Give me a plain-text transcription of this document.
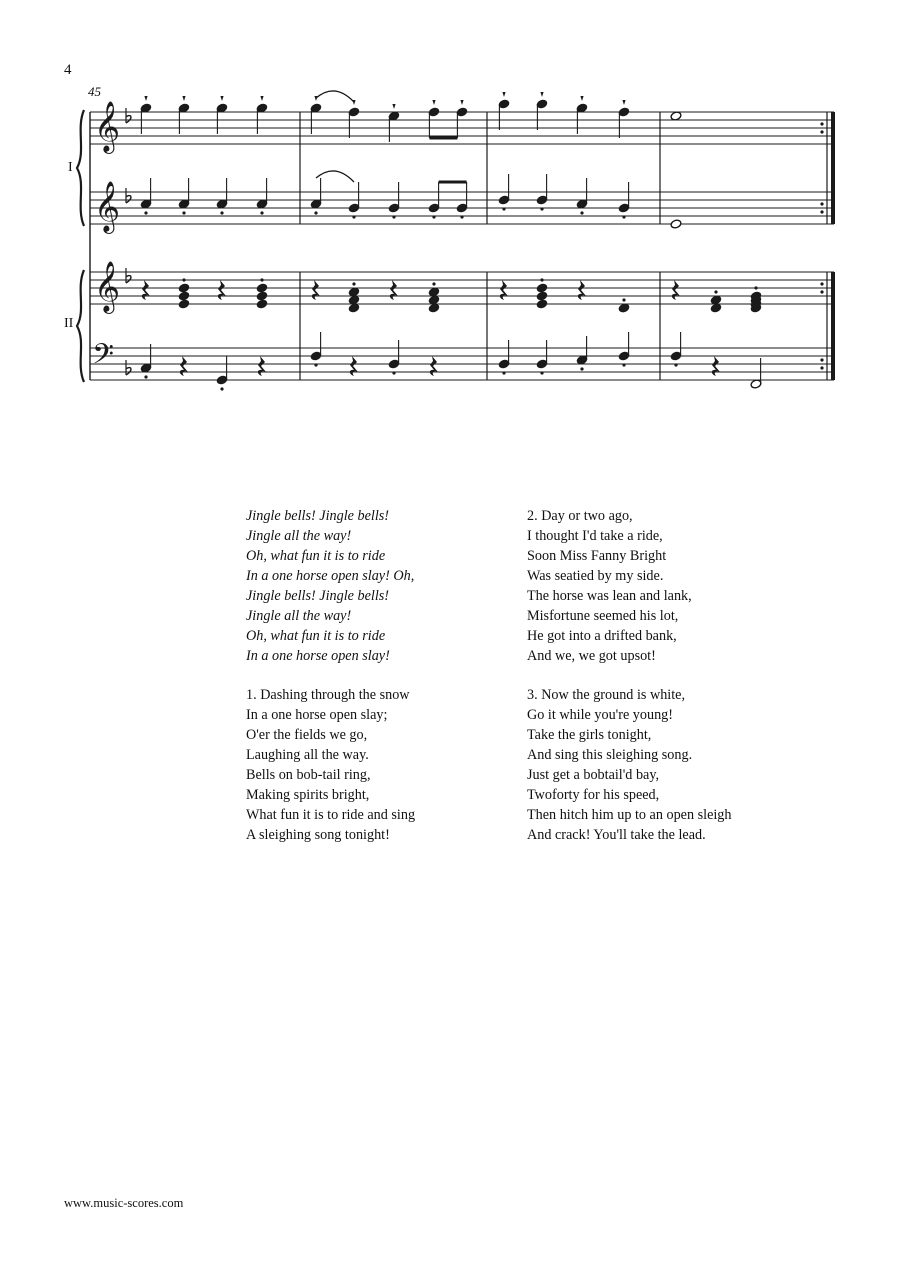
4
45
I
II
𝄞
𝄞
𝄞
𝄢
Jingle bells! Jingle bells!
Jingle all the way!
Oh, what fun it is to ride
In a one horse open slay! Oh,
Jingle bells! Jingle bells!
Jingle all the way!
Oh, what fun it is to ride
In a one horse open slay!
1. Dashing through the snow
In a one horse open slay;
O'er the fields we go,
Laughing all the way.
Bells on bob-tail ring,
Making spirits bright,
What fun it is to ride and sing
A sleighing song tonight!
2. Day or two ago,
I thought I'd take a ride,
Soon Miss Fanny Bright
Was seatied by my side.
The horse was lean and lank,
Misfortune seemed his lot,
He got into a drifted bank,
And we, we got upsot!
3. Now the ground is white,
Go it while you're young!
Take the girls tonight,
And sing this sleighing song.
Just get a bobtail'd bay,
Twoforty for his speed,
Then hitch him up to an open sleigh
And crack! You'll take the lead.
www.music-scores.com
